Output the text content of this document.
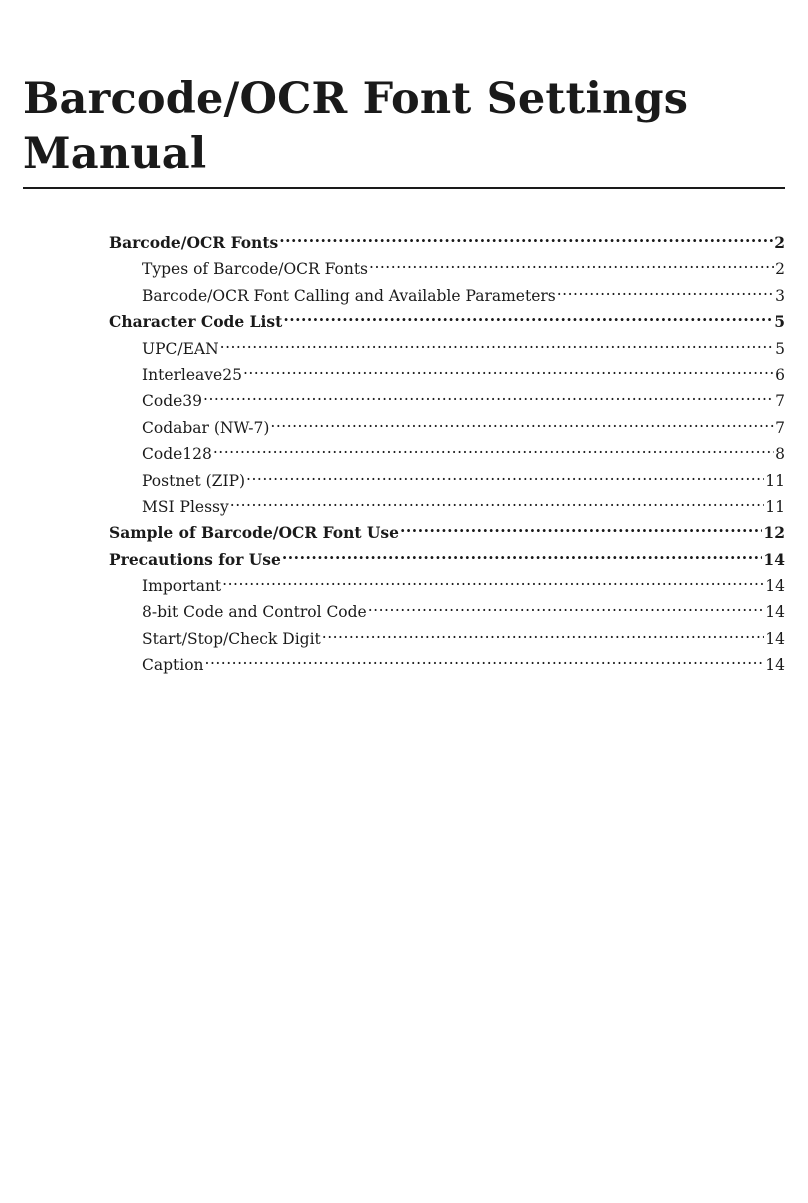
Barcode/OCR Font Settings
Manual
Barcode/OCR Fonts .....	2
Types of Barcode/OCR Fonts .....	2
Barcode/OCR Font Calling and Available Parameters .....	3
Character Code List .....	5
UPC/EAN .....	5
Interleave25 .....	6
Code39 .....	7
Codabar (NW-7) .....	7
Code128 .....	8
Postnet (ZIP) .....	11
MSI Plessy .....	11
Sample of Barcode/OCR Font Use .....	12
Precautions for Use .....	14
Important .....	14
8-bit Code and Control Code .....	14
Start/Stop/Check Digit .....	14
Caption .....	14
